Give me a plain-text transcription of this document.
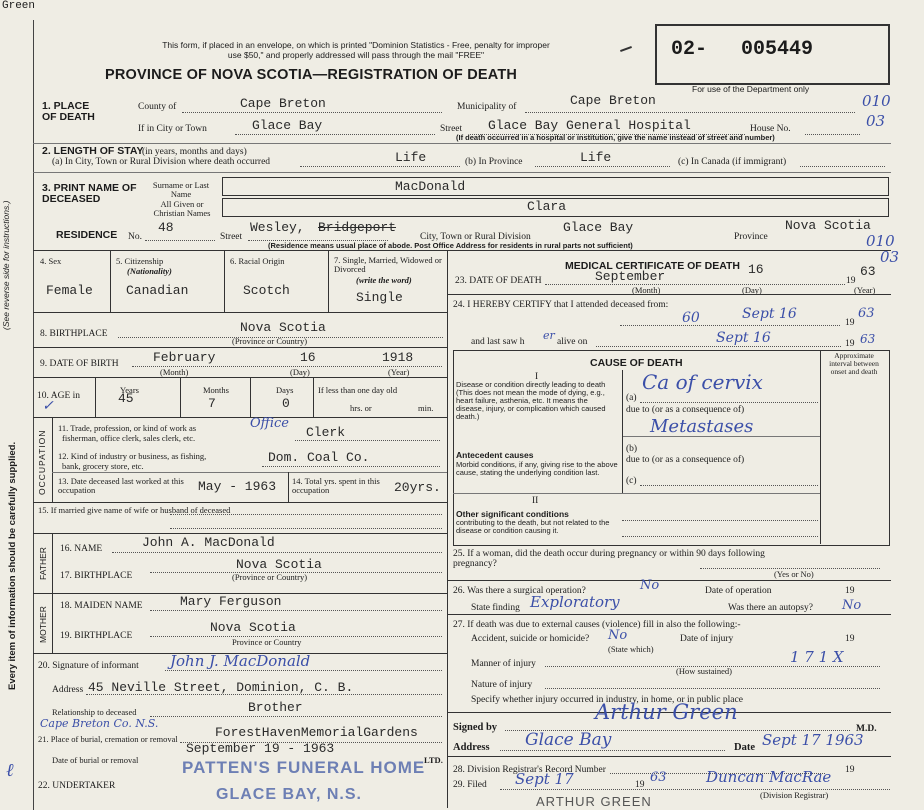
Green
(See reverse side for instructions.)
Every item of information should be carefully supplied.
This form, if placed in an envelope, on which is printed "Dominion Statistics - Free, penalty for improper
use $50," and properly addressed will pass through the mail "FREE"
PROVINCE OF NOVA SCOTIA—REGISTRATION OF DEATH
02- 005449
For use of the Department only
1. PLACE OF DEATH
County of	Cape Breton	Municipality of	Cape Breton	010
If in City or Town	Glace Bay	Street Glace Bay General Hospital	House No.	03
(If death occurred in a hospital or institution, give the name instead of street and number)
2. LENGTH OF STAY
(in years, months and days)
(a) In City, Town or Rural Division where death occurred	Life	(b) In Province	Life	(c) In Canada (if immigrant)
3. PRINT NAME OF DECEASED
Surname or Last Name	MacDonald
All Given or Christian Names	Clara
RESIDENCE No.
48
Street
Wesley, Bridgeport
City, Town or Rural Division
Glace Bay
Province
Nova Scotia
(Residence means usual place of abode. Post Office Address for residents in rural parts not sufficient)	010
03
4. Sex
Female
5. Citizenship
(Nationality)
Canadian
6. Racial Origin
Scotch
7. Single, Married, Widowed or Divorced
(write the word)
Single
8. BIRTHPLACE	Nova Scotia
(Province or Country)
9. DATE OF BIRTH	February	16	1918
(Month)	(Day)	(Year)
10. AGE in
✓
Years
45
Months
7
Days
0
If less than one day old
hrs. or	min.
OCCUPATION
11. Trade, profession, or kind of work as
fisherman, office clerk, sales clerk, etc.
Office
Clerk
12. Kind of industry or business, as fishing,
bank, grocery store, etc.
Dom. Coal Co.
13. Date deceased last worked at this occupation	May - 1963 14. Total yrs. spent in this occupation	20yrs.
15. If married give name of wife or husband of deceased
FATHER 16. NAME	John A. MacDonald
17. BIRTHPLACE
Nova Scotia
(Province or Country)
MOTHER
18. MAIDEN NAME	Mary Ferguson
19. BIRTHPLACE
Nova Scotia
Province or Country
20. Signature of informant John J. MacDonald
Address 45 Neville Street, Dominion, C. B.
Relationship to deceased	Brother
Cape Breton Co. N.S.
21. Place of burial, cremation or removal	ForestHavenMemorialGardens
September 19 - 1963
Date of burial or removal	LTD.
22. UNDERTAKER
PATTEN'S FUNERAL HOME
GLACE BAY, N.S.
ℓ
MEDICAL CERTIFICATE OF DEATH
23. DATE OF DEATH	September	16
19
63
(Month)	(Day)	(Year)
24. I HEREBY CERTIFY that I attended deceased from:
60	Sept 16
19
63
and last saw h er alive on	Sept 16	19 63
Approximate interval between onset and death
CAUSE OF DEATH
I
Disease or condition directly leading to death (This does not mean the mode of dying, e.g., heart failure, asthenia, etc. It means the disease, injury, or complication which caused death.)
(a)
Ca of cervix
due to (or as a consequence of)
Metastases
(b)
due to (or as a consequence of)
(c)
Antecedent causes
Morbid conditions, if any, giving rise to the above cause, stating the underlying condition last.
II
Other significant conditions
contributing to the death, but not related to the disease or condition causing it.
25. If a woman, did the death occur during pregnancy or within 90 days following pregnancy?
(Yes or No)
26. Was there a surgical operation?	No	Date of operation	19
State finding Exploratory	Was there an autopsy? No
27. If death was due to external causes (violence) fill in also the following:-
Accident, suicide or homicide? No	Date of injury	19
(State which)
Manner of injury	1 7 1 X
(How sustained)
Nature of injury
Specify whether injury occurred in industry, in home, or in public place
Signed by
Arthur Green
M.D.
Address Glace Bay	Date Sept 17 1963
28. Division Registrar's Record Number	19
29. Filed Sept 17	19 63	Duncan MacRae
(Division Registrar)
ARTHUR GREEN
